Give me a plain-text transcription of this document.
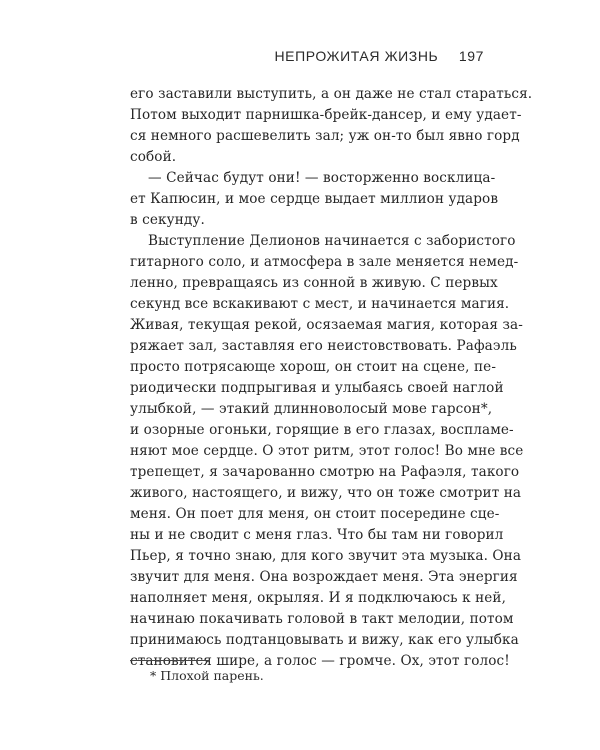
НЕПРОЖИТАЯ ЖИЗНЬ 197
его заставили выступить, а он даже не стал стараться.
Потом выходит парнишка-брейк-дансер, и ему удает-
ся немного расшевелить зал; уж он-то был явно горд
собой.
— Сейчас будут они! — восторженно восклица-
ет Капюсин, и мое сердце выдает миллион ударов
в секунду.
Выступление Делионов начинается с забористого
гитарного соло, и атмосфера в зале меняется немед-
ленно, превращаясь из сонной в живую. С первых
секунд все вскакивают с мест, и начинается магия.
Живая, текущая рекой, осязаемая магия, которая за-
ряжает зал, заставляя его неистовствовать. Рафаэль
просто потрясающе хорош, он стоит на сцене, пе-
риодически подпрыгивая и улыбаясь своей наглой
улыбкой, — этакий длинноволосый мове гарсон*,
и озорные огоньки, горящие в его глазах, воспламе-
няют мое сердце. О этот ритм, этот голос! Во мне все
трепещет, я зачарованно смотрю на Рафаэля, такого
живого, настоящего, и вижу, что он тоже смотрит на
меня. Он поет для меня, он стоит посередине сце-
ны и не сводит с меня глаз. Что бы там ни говорил
Пьер, я точно знаю, для кого звучит эта музыка. Она
звучит для меня. Она возрождает меня. Эта энергия
наполняет меня, окрыляя. И я подключаюсь к ней,
начинаю покачивать головой в такт мелодии, потом
принимаюсь подтанцовывать и вижу, как его улыбка
становится шире, а голос — громче. Ох, этот голос!
* Плохой парень.
